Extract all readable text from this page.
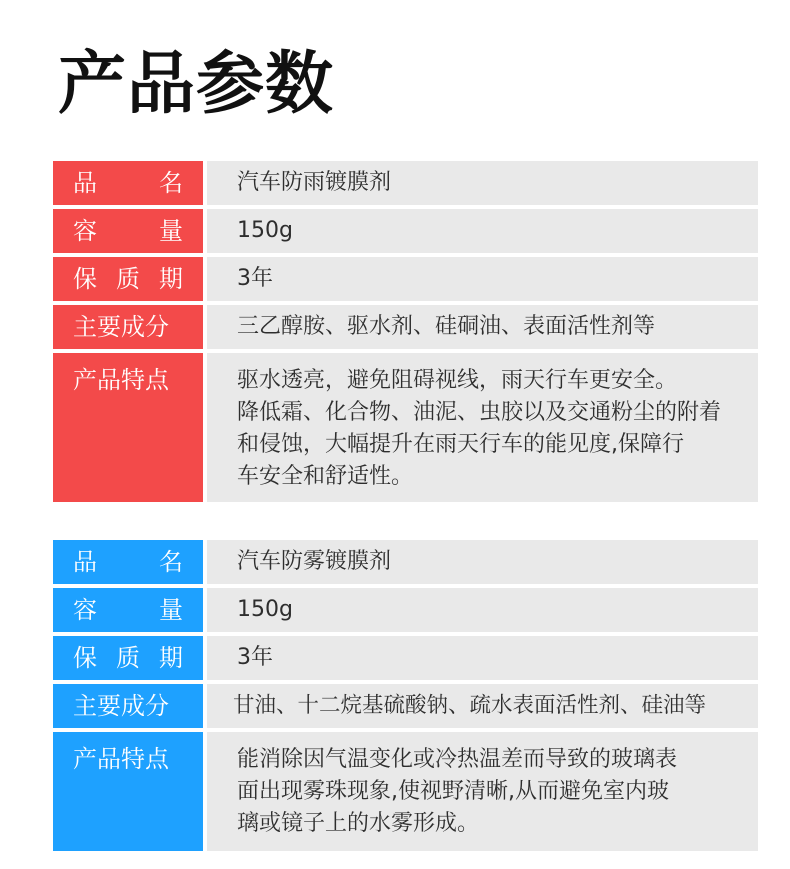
产品参数
品	名	汽车防雨镀膜剂
容	量	150g
保 质 期	3年
主要成分	三乙醇胺、驱水剂、硅硐油、表面活性剂等
产品特点	驱水透亮，避免阻碍视线，雨天行车更安全。
降低霜、化合物、油泥、虫胶以及交通粉尘的附着
和侵蚀，大幅提升在雨天行车的能见度,保障行
车安全和舒适性。
品	名	汽车防雾镀膜剂
容	量	150g
保 质 期	3年
主要成分	甘油、十二烷基硫酸钠、疏水表面活性剂、硅油等
产品特点	能消除因气温变化或冷热温差而导致的玻璃表
面出现雾珠现象,使视野清晰,从而避免室内玻
璃或镜子上的水雾形成。
